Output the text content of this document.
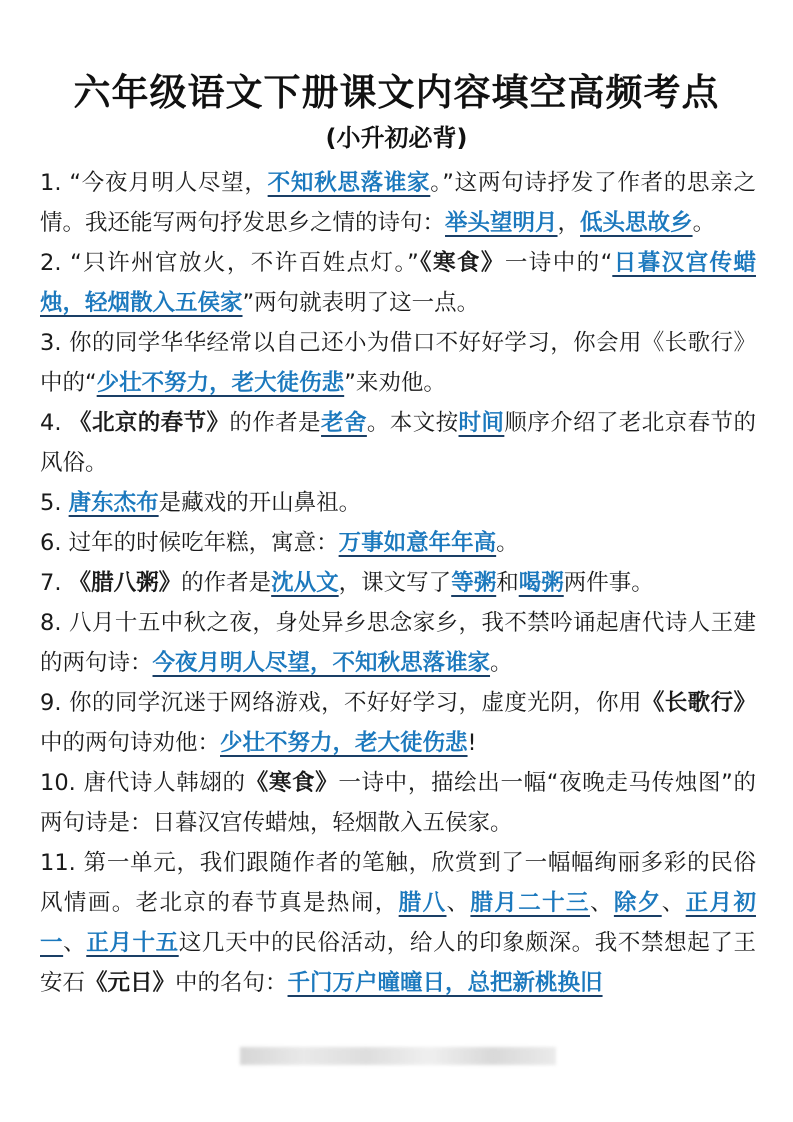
六年级语文下册课文内容填空高频考点
(小升初必背)

1. “今夜月明人尽望，不知秋思落谁家。”这两句诗抒发了作者的思亲之情。我还能写两句抒发思乡之情的诗句：举头望明月，低头思故乡。

2. “只许州官放火，不许百姓点灯。”《寒食》一诗中的“日暮汉宫传蜡烛，轻烟散入五侯家”两句就表明了这一点。

3. 你的同学华华经常以自己还小为借口不好好学习，你会用《长歌行》中的“少壮不努力，老大徒伤悲”来劝他。

4. 《北京的春节》的作者是老舍。本文按时间顺序介绍了老北京春节的风俗。

5. 唐东杰布是藏戏的开山鼻祖。

6. 过年的时候吃年糕，寓意：万事如意年年高。

7. 《腊八粥》的作者是沈从文，课文写了等粥和喝粥两件事。

8. 八月十五中秋之夜，身处异乡思念家乡，我不禁吟诵起唐代诗人王建的两句诗：今夜月明人尽望，不知秋思落谁家。

9. 你的同学沉迷于网络游戏，不好好学习，虚度光阴，你用《长歌行》中的两句诗劝他：少壮不努力，老大徒伤悲!

10. 唐代诗人韩翃的《寒食》一诗中，描绘出一幅“夜晚走马传烛图”的两句诗是：日暮汉宫传蜡烛，轻烟散入五侯家。

11. 第一单元，我们跟随作者的笔触，欣赏到了一幅幅绚丽多彩的民俗风情画。老北京的春节真是热闹，腊八、腊月二十三、除夕、正月初一、正月十五这几天中的民俗活动，给人的印象颇深。我不禁想起了王安石《元日》中的名句：千门万户曈曈日，总把新桃换旧
